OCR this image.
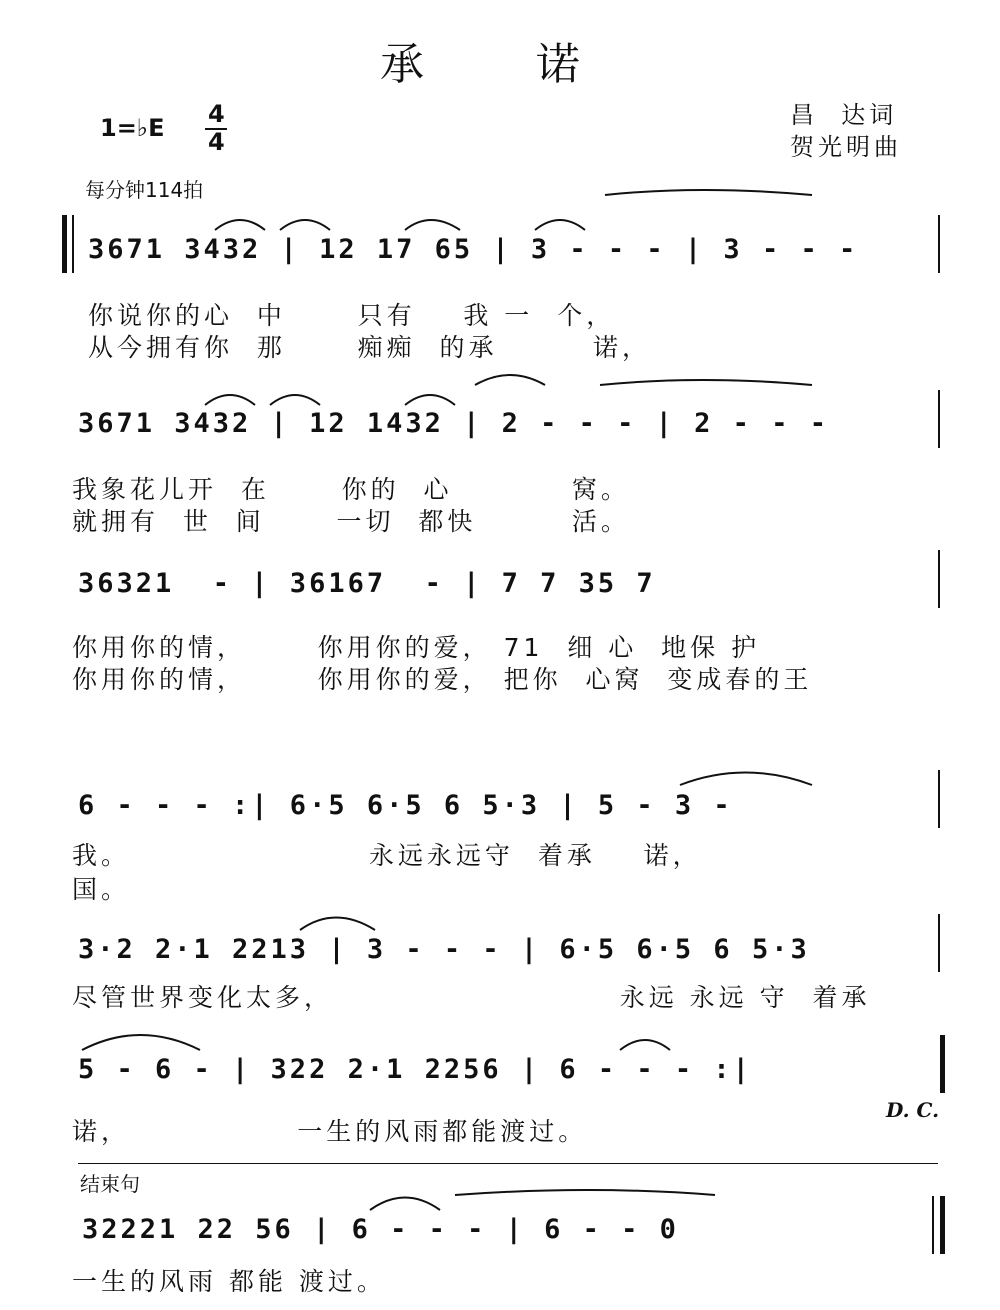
承        诺
1=♭E 4
4
每分钟114拍
昌  达词
贺光明曲
3671 3432 | 12 17 65 | 3 - - - | 3 - - -
你说你的心  中      只有    我 一  个，
从今拥有你  那      痴痴  的承        诺，
3671 3432 | 12 1432 | 2 - - - | 2 - - -
我象花儿开  在      你的  心          窝。
就拥有  世  间      一切  都快        活。
36321  - | 36167  - | 7 7 35 7
你用你的情，      你用你的爱， 71  细 心  地保 护
你用你的情，      你用你的爱， 把你  心窝  变成春的王
6 - - - :| 6·5 6·5 6 5·3 | 5 - 3 -
我。                    永远永远守  着承    诺，
国。
3·2 2·1 2213 | 3 - - - | 6·5 6·5 6 5·3
尽管世界变化太多，                        永远 永远 守  着承
5 - 6 - | 322 2·1 2256 | 6 - - - :|
诺，              一生的风雨都能渡过。
D. C.
结束句
32221 22 56 | 6 - - - | 6 - - 0
一生的风雨 都能 渡过。
